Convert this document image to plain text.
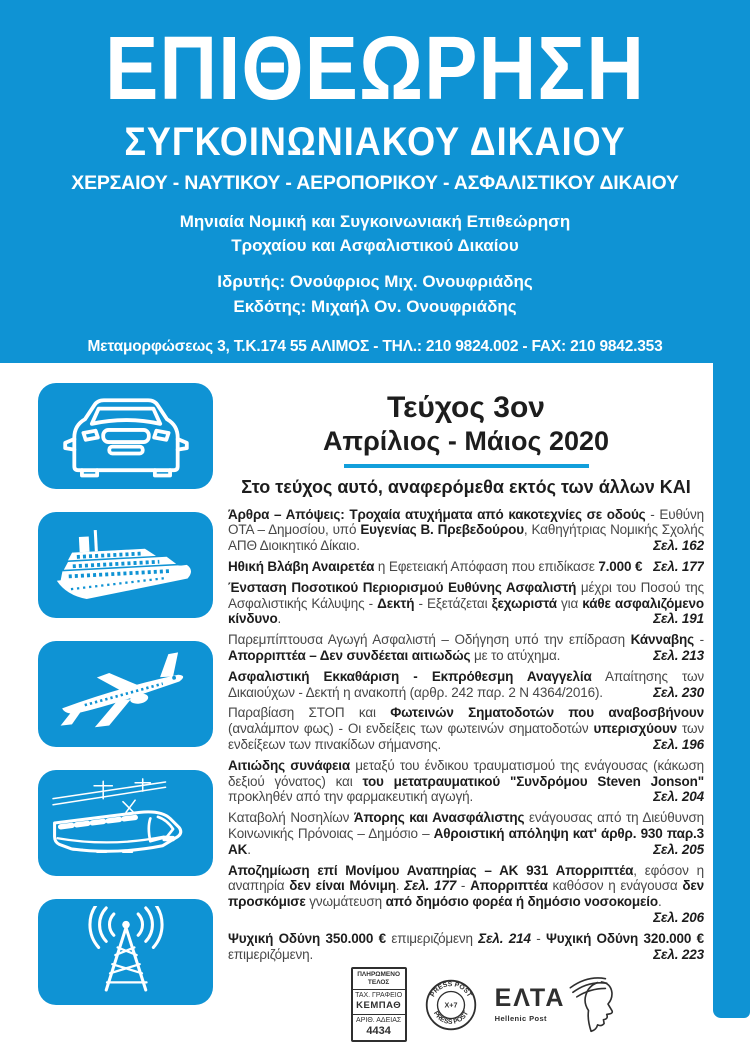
ΕΠΙΘΕΩΡΗΣΗ
ΣΥΓΚΟΙΝΩΝΙΑΚΟΥ ΔΙΚΑΙΟΥ
ΧΕΡΣΑΙΟΥ - ΝΑΥΤΙΚΟΥ - ΑΕΡΟΠΟΡΙΚΟΥ - ΑΣΦΑΛΙΣΤΙΚΟΥ ΔΙΚΑΙΟΥ
Μηνιαία Νομική και Συγκοινωνιακή Επιθεώρηση
Τροχαίου και Ασφαλιστικού Δικαίου
Ιδρυτής: Ονούφριος Μιχ. Ονουφριάδης
Εκδότης: Μιχαήλ Ον. Ονουφριάδης
Μεταμορφώσεως 3, Τ.Κ.174 55 ΑΛΙΜΟΣ - ΤΗΛ.: 210 9824.002 - FAX: 210 9842.353
email: info@esd.gr • www.esd.gr
Τεύχος 3ον
Απρίλιος - Μάιος 2020
Στο τεύχος αυτό, αναφερόμεθα εκτός των άλλων ΚΑΙ

Άρθρα – Απόψεις: Τροχαία ατυχήματα από κακοτεχνίες σε οδούς - Ευθύνη ΟΤΑ – Δημοσίου, υπό Ευγενίας Β. Πρεβεδούρου, Καθηγήτριας Νομικής Σχολής ΑΠΘ Διοικητικό Δίκαιο.	Σελ. 162

Ηθική Βλάβη Αναιρετέα η Εφετειακή Απόφαση που επιδίκασε 7.000 € Σελ. 177

Ένσταση Ποσοτικού Περιορισμού Ευθύνης Ασφαλιστή μέχρι του Ποσού της Ασφαλιστικής Κάλυψης - Δεκτή - Εξετάζεται ξεχωριστά για κάθε ασφαλιζόμενο κίνδυνο.	Σελ. 191

Παρεμπίπτουσα Αγωγή Ασφαλιστή – Οδήγηση υπό την επίδραση Κάνναβης - Απορριπτέα – Δεν συνδέεται αιτιωδώς με το ατύχημα.	Σελ. 213

Ασφαλιστική Εκκαθάριση - Εκπρόθεσμη Αναγγελία Απαίτησης των Δικαιούχων - Δεκτή η ανακοπή (αρθρ. 242 παρ. 2 Ν 4364/2016).	Σελ. 230

Παραβίαση ΣΤΟΠ και Φωτεινών Σηματοδοτών που αναβοσβήνουν (αναλάμπον φως) - Οι ενδείξεις των φωτεινών σηματοδοτών υπερισχύουν των ενδείξεων των πινακίδων σήμανσης.	Σελ. 196

Αιτιώδης συνάφεια μεταξύ του ένδικου τραυματισμού της ενάγουσας (κάκωση δεξιού γόνατος) και του μετατραυματικού "Συνδρόμου Steven Jonson" προκληθέν από την φαρμακευτική αγωγή.	Σελ. 204

Καταβολή Νοσηλίων Άπορης και Ανασφάλιστης ενάγουσας από τη Διεύθυνση Κοινωνικής Πρόνοιας – Δημόσιο – Αθροιστική απόληψη κατ' άρθρ. 930 παρ.3 ΑΚ.	Σελ. 205

Αποζημίωση επί Μονίμου Αναπηρίας – ΑΚ 931 Απορριπτέα, εφόσον η αναπηρία δεν είναι Μόνιμη. Σελ. 177 - Απορριπτέα καθόσον η ενάγουσα δεν προσκόμισε γνωμάτευση από δημόσιο φορέα ή δημόσιο νοσοκομείο.
Σελ. 206

Ψυχική Οδύνη 350.000 € επιμεριζόμενη Σελ. 214 - Ψυχική Οδύνη 320.000 € επιμεριζόμενη.	Σελ. 223

ΠΛΗΡΩΜΕΝΟ
ΤΕΛΟΣ
ΤΑΧ. ΓΡΑΦΕΙΟ
ΚΕΜΠΑΘ
ΑΡΙΘ. ΑΔΕΙΑΣ
4434
PRESS POST
PRESS POST
X+7 ΕΛΤΑ
Hellenic Post
